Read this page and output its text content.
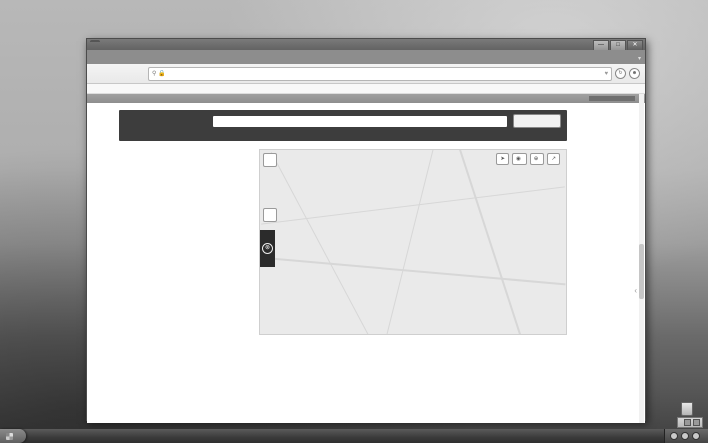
—	□	✕
▾
⚲ 🔒	♥	↻	☻
⊗
➤ ◉ ⊕ ↗
‹
